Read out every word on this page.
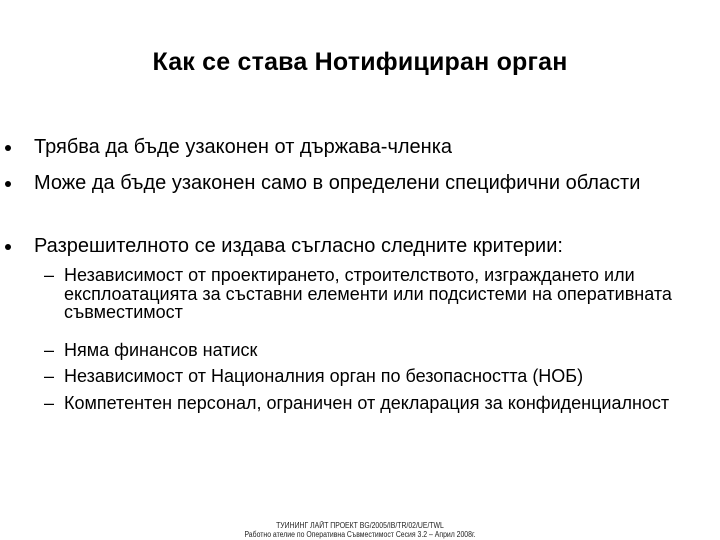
Как се става Нотифициран орган

Трябва да бъде узаконен от държава-членка

Може да бъде узаконен само в определени специфични области

Разрешителното се издава съгласно следните критерии:

– Независимост от проектирането, строителството, изграждането или експлоатацията за съставни елементи или подсистеми на оперативната съвместимост

– Няма финансов натиск

– Независимост от Националния орган по безопасността (НОБ)

– Компетентен персонал, ограничен от декларация за конфиденциалност

ТУИНИНГ ЛАЙТ ПРОЕКТ BG/2005/IB/TR/02/UE/TWL
Работно ателие по Оперативна Съвместимост Сесия 3.2 – Април 2008г.
